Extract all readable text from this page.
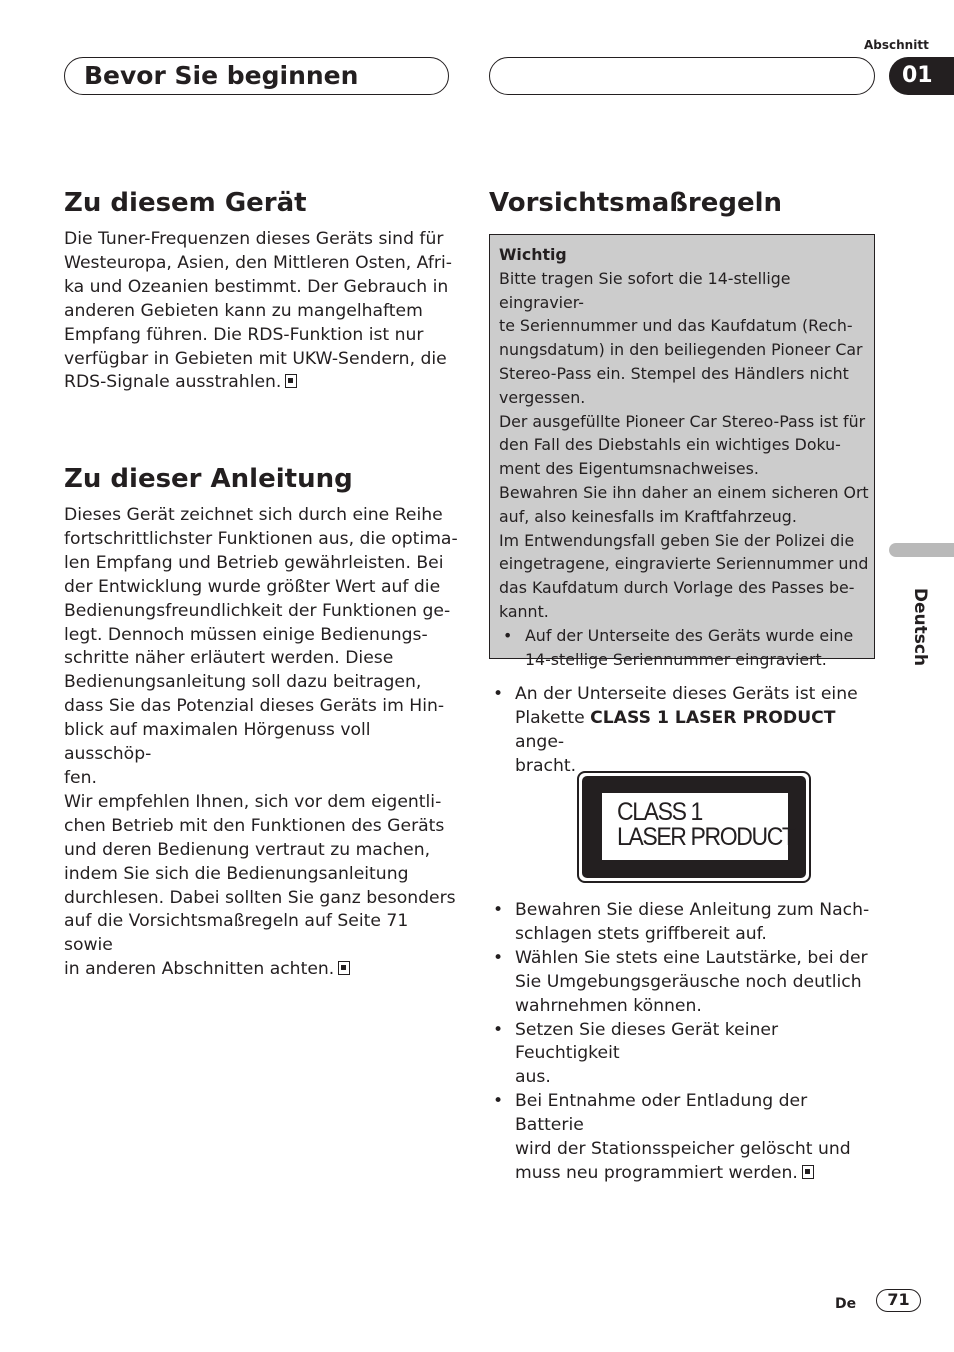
Abschnitt
Bevor Sie beginnen	01
Deutsch
Zu diesem Gerät

Die Tuner-Frequenzen dieses Geräts sind für

Westeuropa, Asien, den Mittleren Osten, Afri-

ka und Ozeanien bestimmt. Der Gebrauch in

anderen Gebieten kann zu mangelhaftem

Empfang führen. Die RDS-Funktion ist nur

verfügbar in Gebieten mit UKW-Sendern, die

RDS-Signale ausstrahlen.

Zu dieser Anleitung

Dieses Gerät zeichnet sich durch eine Reihe

fortschrittlichster Funktionen aus, die optima-

len Empfang und Betrieb gewährleisten. Bei

der Entwicklung wurde größter Wert auf die

Bedienungsfreundlichkeit der Funktionen ge-

legt. Dennoch müssen einige Bedienungs-

schritte näher erläutert werden. Diese

Bedienungsanleitung soll dazu beitragen,

dass Sie das Potenzial dieses Geräts im Hin-

blick auf maximalen Hörgenuss voll ausschöp-

fen.

Wir empfehlen Ihnen, sich vor dem eigentli-

chen Betrieb mit den Funktionen des Geräts

und deren Bedienung vertraut zu machen,

indem Sie sich die Bedienungsanleitung

durchlesen. Dabei sollten Sie ganz besonders

auf die Vorsichtsmaßregeln auf Seite 71 sowie

in anderen Abschnitten achten.

Vorsichtsmaßregeln

Wichtig

Bitte tragen Sie sofort die 14-stellige eingravier-

te Seriennummer und das Kaufdatum (Rech-

nungsdatum) in den beiliegenden Pioneer Car

Stereo-Pass ein. Stempel des Händlers nicht

vergessen.

Der ausgefüllte Pioneer Car Stereo-Pass ist für

den Fall des Diebstahls ein wichtiges Doku-

ment des Eigentumsnachweises.

Bewahren Sie ihn daher an einem sicheren Ort

auf, also keinesfalls im Kraftfahrzeug.

Im Entwendungsfall geben Sie der Polizei die

eingetragene, eingravierte Seriennummer und

das Kaufdatum durch Vorlage des Passes be-

kannt.

• Auf der Unterseite des Geräts wurde eine
14-stellige Seriennummer eingraviert.
• An der Unterseite dieses Geräts ist eine
Plakette CLASS 1 LASER PRODUCT ange-
bracht.
CLASS 1
LASER PRODUCT
• Bewahren Sie diese Anleitung zum Nach-
schlagen stets griffbereit auf.
• Wählen Sie stets eine Lautstärke, bei der
Sie Umgebungsgeräusche noch deutlich
wahrnehmen können.
• Setzen Sie dieses Gerät keiner Feuchtigkeit
aus.
• Bei Entnahme oder Entladung der Batterie
wird der Stationsspeicher gelöscht und
muss neu programmiert werden.
De	71
